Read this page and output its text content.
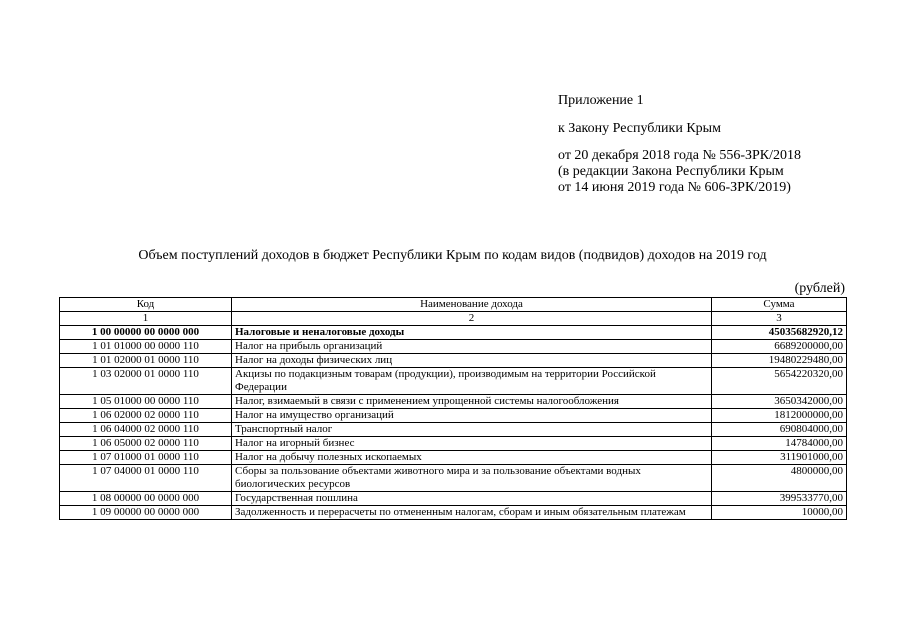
Приложение 1
к Закону Республики Крым
от 20 декабря 2018 года № 556-ЗРК/2018
(в редакции Закона Республики Крым
от 14 июня 2019 года № 606-ЗРК/2019)
Объем поступлений доходов в бюджет Республики Крым по кодам видов (подвидов) доходов на 2019 год
(рублей)
Код	Наименование дохода	Сумма
1	2	3
1 00 00000 00 0000 000	Налоговые и неналоговые доходы	45035682920,12
1 01 01000 00 0000 110	Налог на прибыль организаций	6689200000,00
1 01 02000 01 0000 110	Налог на доходы физических лиц	19480229480,00
1 03 02000 01 0000 110	Акцизы по подакцизным товарам (продукции), производимым на территории Российской Федерации	5654220320,00
1 05 01000 00 0000 110	Налог, взимаемый в связи с применением упрощенной системы налогообложения	3650342000,00
1 06 02000 02 0000 110	Налог на имущество организаций	1812000000,00
1 06 04000 02 0000 110	Транспортный налог	690804000,00
1 06 05000 02 0000 110	Налог на игорный бизнес	14784000,00
1 07 01000 01 0000 110	Налог на добычу полезных ископаемых	311901000,00
1 07 04000 01 0000 110	Сборы за пользование объектами животного мира и за пользование объектами водных биологических ресурсов	4800000,00
1 08 00000 00 0000 000	Государственная пошлина	399533770,00
1 09 00000 00 0000 000	Задолженность и перерасчеты по отмененным налогам, сборам и иным обязательным платежам	10000,00
